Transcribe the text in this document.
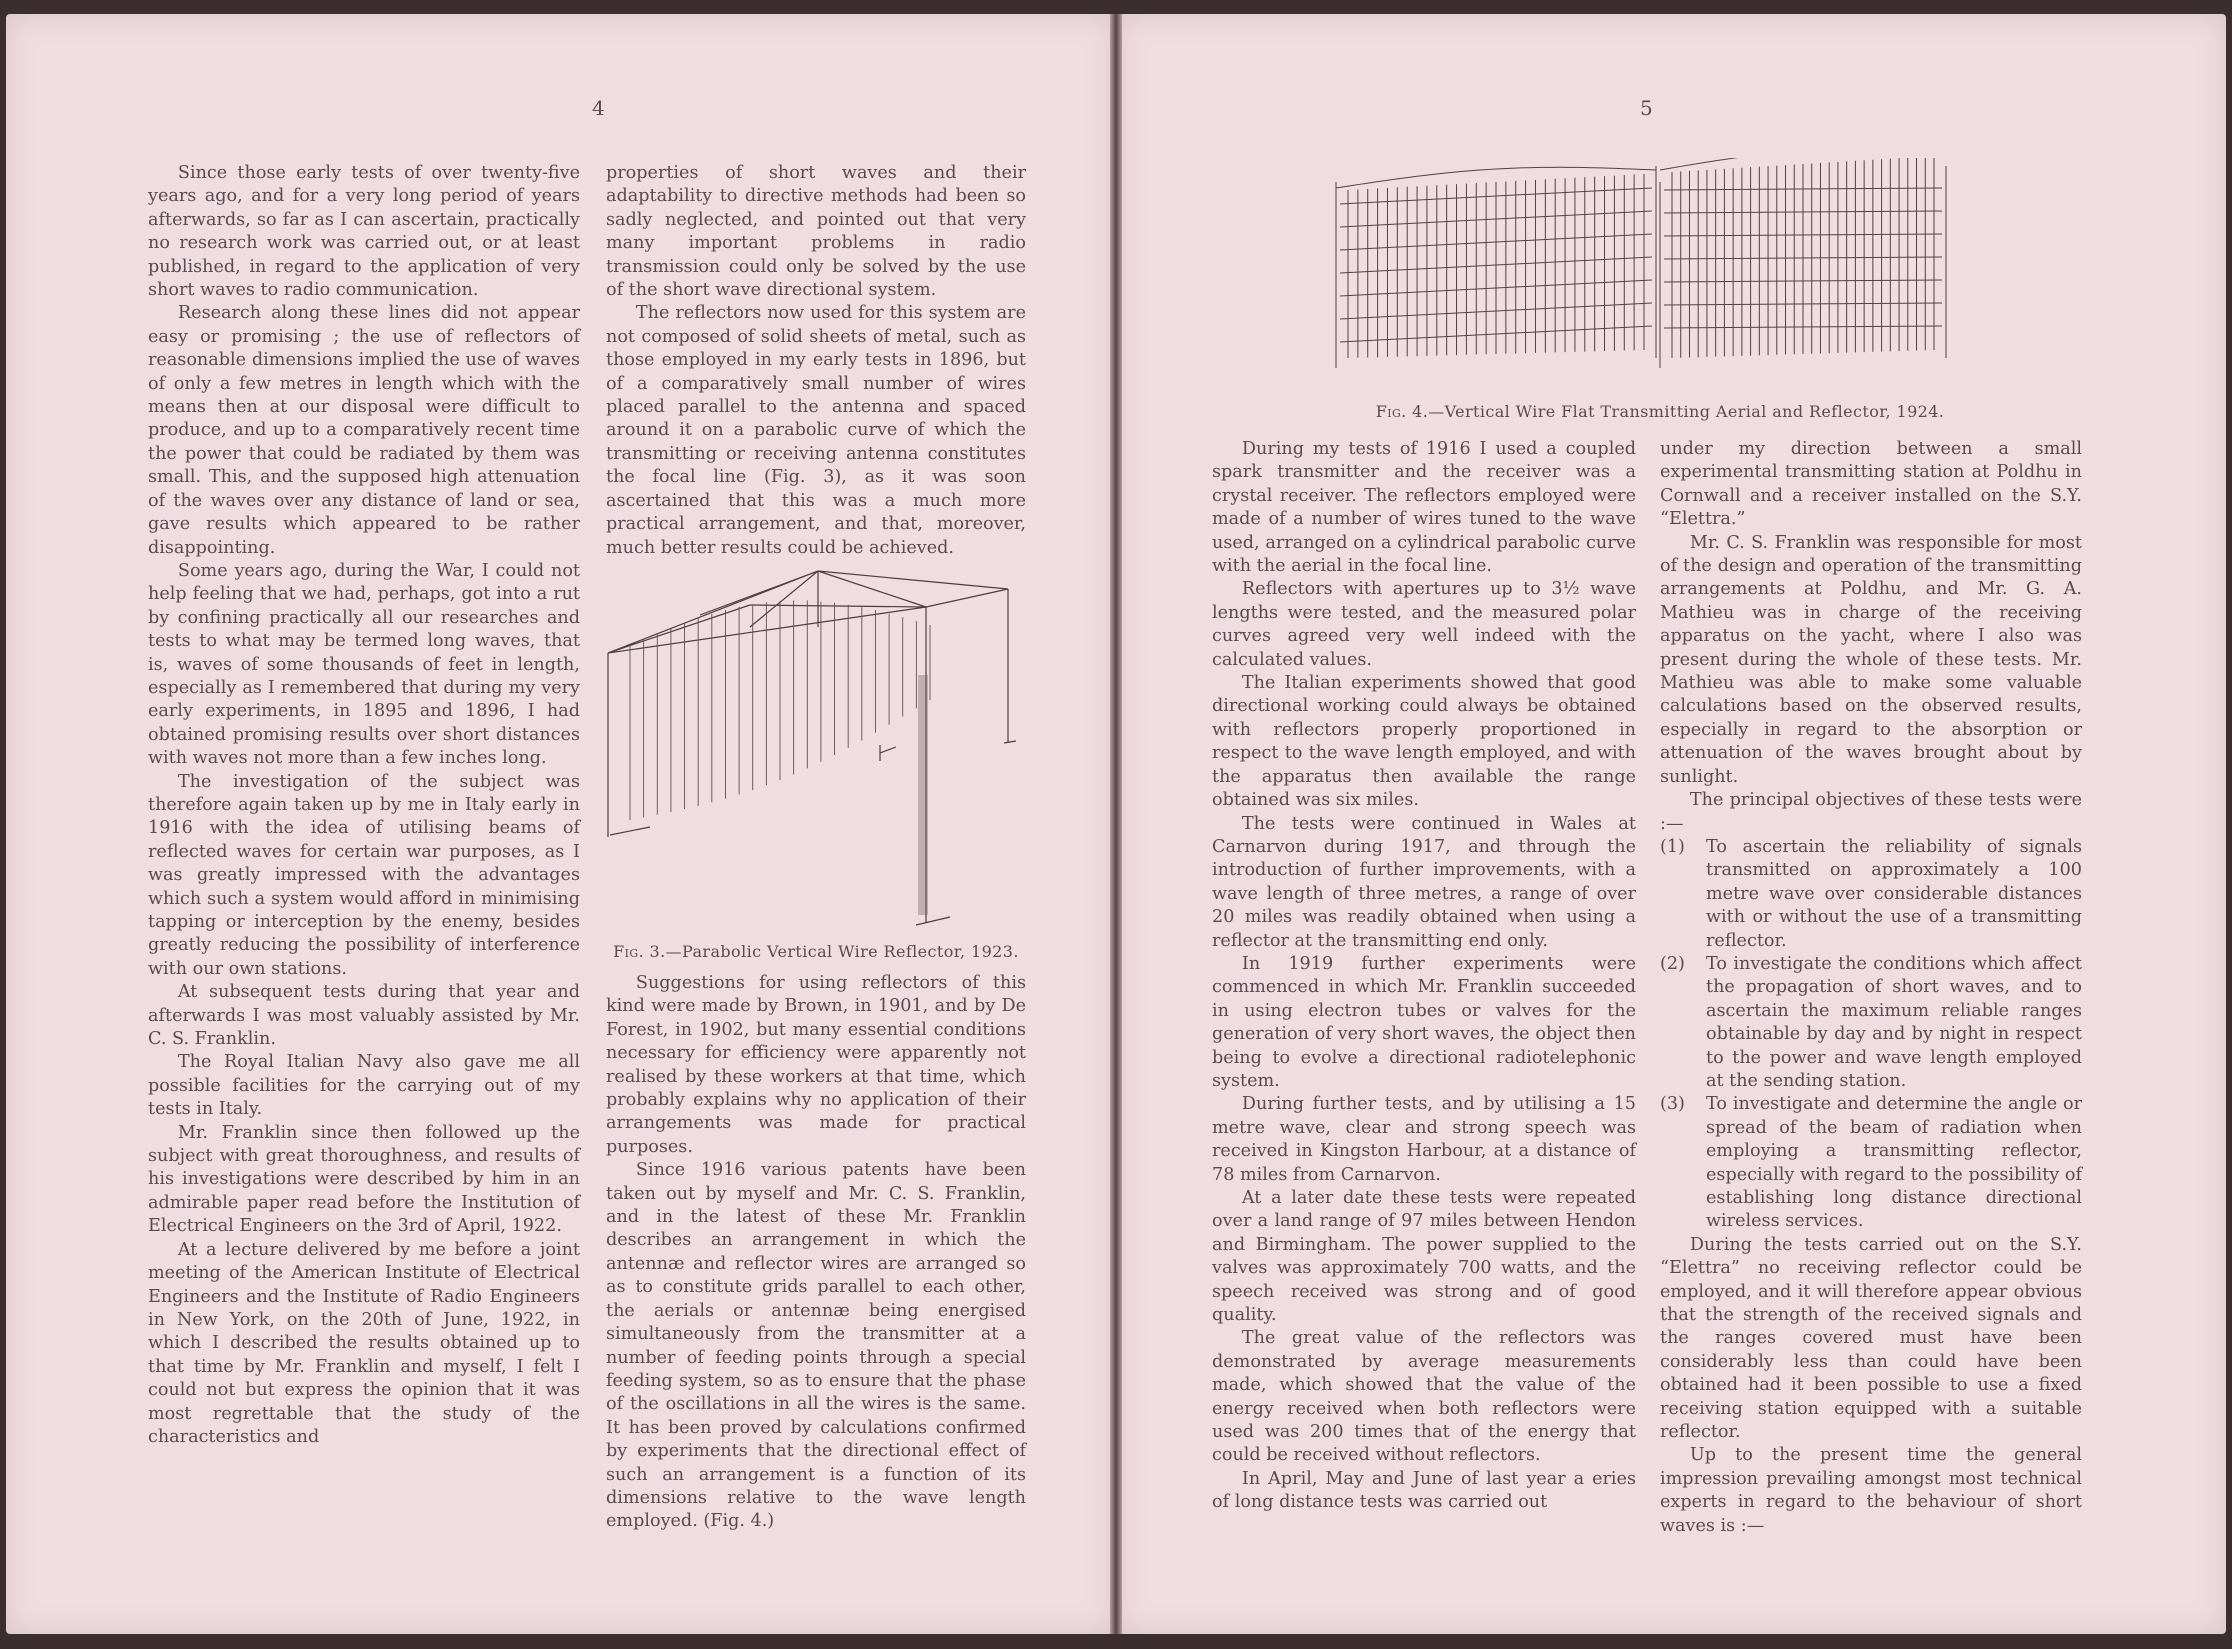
4

Since those early tests of over twenty-five years ago, and for a very long period of years afterwards, so far as I can ascertain, practically no research work was carried out, or at least published, in regard to the application of very short waves to radio communication.

Research along these lines did not appear easy or promising ; the use of reflectors of reasonable dimensions implied the use of waves of only a few metres in length which with the means then at our disposal were difficult to produce, and up to a comparatively recent time the power that could be radiated by them was small. This, and the supposed high attenuation of the waves over any distance of land or sea, gave results which appeared to be rather disappointing.

Some years ago, during the War, I could not help feeling that we had, perhaps, got into a rut by confining practically all our researches and tests to what may be termed long waves, that is, waves of some thousands of feet in length, especially as I remembered that during my very early experiments, in 1895 and 1896, I had obtained promising results over short distances with waves not more than a few inches long.

The investigation of the subject was therefore again taken up by me in Italy early in 1916 with the idea of utilising beams of reflected waves for certain war purposes, as I was greatly impressed with the advantages which such a system would afford in minimising tapping or interception by the enemy, besides greatly reducing the possibility of interference with our own stations.

At subsequent tests during that year and afterwards I was most valuably assisted by Mr. C. S. Franklin.

The Royal Italian Navy also gave me all possible facilities for the carrying out of my tests in Italy.

Mr. Franklin since then followed up the subject with great thoroughness, and results of his investigations were described by him in an admirable paper read before the Institution of Electrical Engineers on the 3rd of April, 1922.

At a lecture delivered by me before a joint meeting of the American Institute of Electrical Engineers and the Institute of Radio Engineers in New York, on the 20th of June, 1922, in which I described the results obtained up to that time by Mr. Franklin and myself, I felt I could not but express the opinion that it was most regrettable that the study of the characteristics and

properties of short waves and their adaptability to directive methods had been so sadly neglected, and pointed out that very many important problems in radio transmission could only be solved by the use of the short wave directional system.

The reflectors now used for this system are not composed of solid sheets of metal, such as those employed in my early tests in 1896, but of a comparatively small number of wires placed parallel to the antenna and spaced around it on a parabolic curve of which the transmitting or receiving antenna constitutes the focal line (Fig. 3), as it was soon ascertained that this was a much more practical arrangement, and that, moreover, much better results could be achieved.

Fig. 3.—Parabolic Vertical Wire Reflector, 1923.

Suggestions for using reflectors of this kind were made by Brown, in 1901, and by De Forest, in 1902, but many essential conditions necessary for efficiency were apparently not realised by these workers at that time, which probably explains why no application of their arrangements was made for practical purposes.

Since 1916 various patents have been taken out by myself and Mr. C. S. Franklin, and in the latest of these Mr. Franklin describes an arrangement in which the antennæ and reflector wires are arranged so as to constitute grids parallel to each other, the aerials or antennæ being energised simultaneously from the transmitter at a number of feeding points through a special feeding system, so as to ensure that the phase of the oscillations in all the wires is the same. It has been proved by calculations confirmed by experiments that the directional effect of such an arrangement is a function of its dimensions relative to the wave length employed. (Fig. 4.)

5
Fig. 4.—Vertical Wire Flat Transmitting Aerial and Reflector, 1924.

During my tests of 1916 I used a coupled spark transmitter and the receiver was a crystal receiver. The reflectors employed were made of a number of wires tuned to the wave used, arranged on a cylindrical parabolic curve with the aerial in the focal line.

Reflectors with apertures up to 3½ wave lengths were tested, and the measured polar curves agreed very well indeed with the calculated values.

The Italian experiments showed that good directional working could always be obtained with reflectors properly proportioned in respect to the wave length employed, and with the apparatus then available the range obtained was six miles.

The tests were continued in Wales at Carnarvon during 1917, and through the introduction of further improvements, with a wave length of three metres, a range of over 20 miles was readily obtained when using a reflector at the transmitting end only.

In 1919 further experiments were commenced in which Mr. Franklin succeeded in using electron tubes or valves for the generation of very short waves, the object then being to evolve a directional radiotelephonic system.

During further tests, and by utilising a 15 metre wave, clear and strong speech was received in Kingston Harbour, at a distance of 78 miles from Carnarvon.

At a later date these tests were repeated over a land range of 97 miles between Hendon and Birmingham. The power supplied to the valves was approximately 700 watts, and the speech received was strong and of good quality.

The great value of the reflectors was demonstrated by average measurements made, which showed that the value of the energy received when both reflectors were used was 200 times that of the energy that could be received without reflectors.

In April, May and June of last year a eries of long distance tests was carried out

under my direction between a small experimental transmitting station at Poldhu in Cornwall and a receiver installed on the S.Y. “Elettra.”

Mr. C. S. Franklin was responsible for most of the design and operation of the transmitting arrangements at Poldhu, and Mr. G. A. Mathieu was in charge of the receiving apparatus on the yacht, where I also was present during the whole of these tests. Mr. Mathieu was able to make some valuable calculations based on the observed results, especially in regard to the absorption or attenuation of the waves brought about by sunlight.

The principal objectives of these tests were :—

(1) To ascertain the reliability of signals transmitted on approximately a 100 metre wave over considerable distances with or without the use of a transmitting reflector.
(2) To investigate the conditions which affect the propagation of short waves, and to ascertain the maximum reliable ranges obtainable by day and by night in respect to the power and wave length employed at the sending station.
(3) To investigate and determine the angle or spread of the beam of radiation when employing a transmitting reflector, especially with regard to the possibility of establishing long distance directional wireless services.

During the tests carried out on the S.Y. “Elettra” no receiving reflector could be employed, and it will therefore appear obvious that the strength of the received signals and the ranges covered must have been considerably less than could have been obtained had it been possible to use a fixed receiving station equipped with a suitable reflector.

Up to the present time the general impression prevailing amongst most technical experts in regard to the behaviour of short waves is :—
